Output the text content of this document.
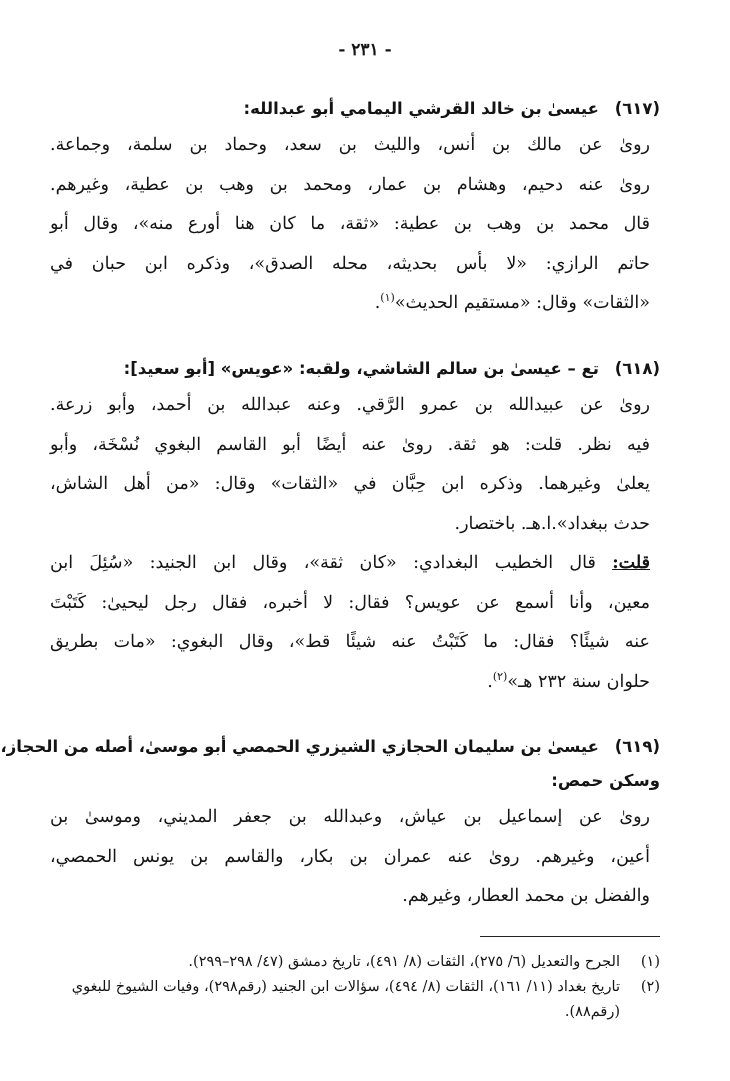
- ٢٣١ -
(٦١٧) عيسىٰ بن خالد القرشي اليمامي أبو عبدالله:
روىٰ عن مالك بن أنس، والليث بن سعد، وحماد بن سلمة، وجماعة.
روىٰ عنه دحيم، وهشام بن عمار، ومحمد بن وهب بن عطية، وغيرهم.
قال محمد بن وهب بن عطية: «ثقة، ما كان هنا أورع منه»، وقال أبو
حاتم الرازي: «لا بأس بحديثه، محله الصدق»، وذكره ابن حبان في
«الثقات» وقال: «مستقيم الحديث»$^{(١)}$.
(٦١٨) تع – عيسىٰ بن سالم الشاشي، ولقبه: «عويس» [أبو سعيد]:
روىٰ عن عبيدالله بن عمرو الرَّقي. وعنه عبدالله بن أحمد، وأبو زرعة.
فيه نظر. قلت: هو ثقة. روىٰ عنه أيضًا أبو القاسم البغوي نُسْخَة، وأبو
يعلىٰ وغيرهما. وذكره ابن حِبَّان في «الثقات» وقال: «من أهل الشاش،
حدث ببغداد».ا.هـ. باختصار.
قلت: قال الخطيب البغدادي: «كان ثقة»، وقال ابن الجنيد: «سُئِلَ ابن
معين، وأنا أسمع عن عويس؟ فقال: لا أخبره، فقال رجل ليحيىٰ: كَتَبْتَ
عنه شيئًا؟ فقال: ما كَتَبْتُ عنه شيئًا قط»، وقال البغوي: «مات بطريق
حلوان سنة ٢٣٢ هـ»$^{(٢)}$.
(٦١٩) عيسىٰ بن سليمان الحجازي الشيزري الحمصي أبو موسىٰ، أصله من الحجاز،
وسكن حمص:
روىٰ عن إسماعيل بن عياش، وعبدالله بن جعفر المديني، وموسىٰ بن
أعين، وغيرهم. روىٰ عنه عمران بن بكار، والقاسم بن يونس الحمصي،
والفضل بن محمد العطار، وغيرهم.
(١)
الجرح والتعديل (٦/ ٢٧٥)، الثقات (٨/ ٤٩١)، تاريخ دمشق (٤٧/ ٢٩٨–٢٩٩).
(٢)
تاريخ بغداد (١١/ ١٦١)، الثقات (٨/ ٤٩٤)، سؤالات ابن الجنيد (رقم٢٩٨)، وفيات الشيوخ للبغوي (رقم٨٨).
